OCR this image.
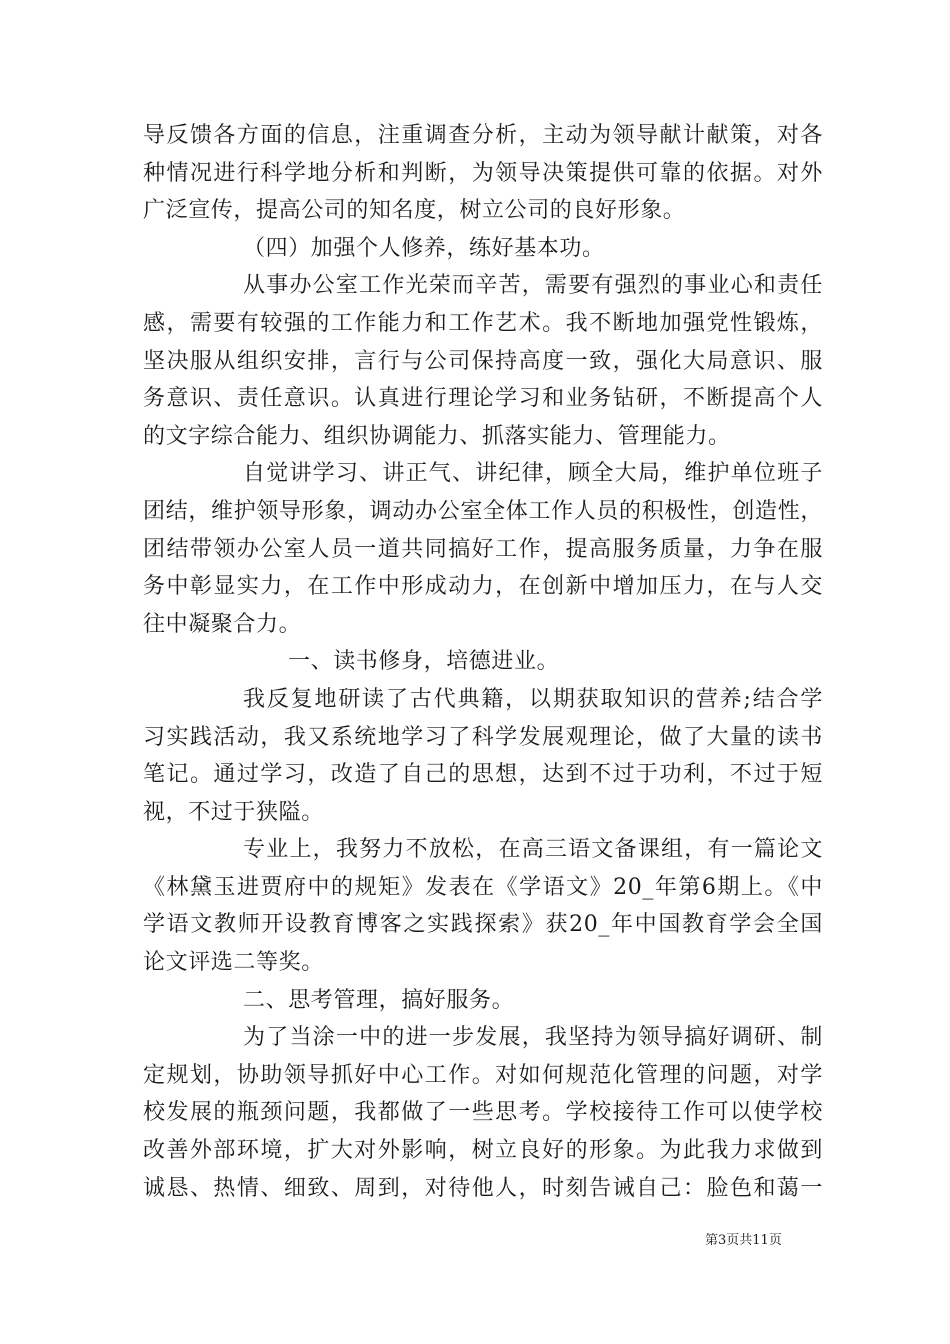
导反馈各方面的信息，注重调查分析，主动为领导献计献策，对各
种情况进行科学地分析和判断，为领导决策提供可靠的依据。对外
广泛宣传，提高公司的知名度，树立公司的良好形象。
（四）加强个人修养，练好基本功。
从事办公室工作光荣而辛苦，需要有强烈的事业心和责任
感，需要有较强的工作能力和工作艺术。我不断地加强党性锻炼，
坚决服从组织安排，言行与公司保持高度一致，强化大局意识、服
务意识、责任意识。认真进行理论学习和业务钻研，不断提高个人
的文字综合能力、组织协调能力、抓落实能力、管理能力。
自觉讲学习、讲正气、讲纪律，顾全大局，维护单位班子
团结，维护领导形象，调动办公室全体工作人员的积极性，创造性，
团结带领办公室人员一道共同搞好工作，提高服务质量，力争在服
务中彰显实力，在工作中形成动力，在创新中增加压力，在与人交
往中凝聚合力。
一、读书修身，培德进业。
我反复地研读了古代典籍，以期获取知识的营养;结合学
习实践活动，我又系统地学习了科学发展观理论，做了大量的读书
笔记。通过学习，改造了自己的思想，达到不过于功利，不过于短
视，不过于狭隘。
专业上，我努力不放松，在高三语文备课组，有一篇论文
《林黛玉进贾府中的规矩》发表在《学语文》20_年第6期上。《中
学语文教师开设教育博客之实践探索》获20_年中国教育学会全国
论文评选二等奖。
二、思考管理，搞好服务。
为了当涂一中的进一步发展，我坚持为领导搞好调研、制
定规划，协助领导抓好中心工作。对如何规范化管理的问题，对学
校发展的瓶颈问题，我都做了一些思考。学校接待工作可以使学校
改善外部环境，扩大对外影响，树立良好的形象。为此我力求做到
诚恳、热情、细致、周到，对待他人，时刻告诫自己：脸色和蔼一
第3页共11页
